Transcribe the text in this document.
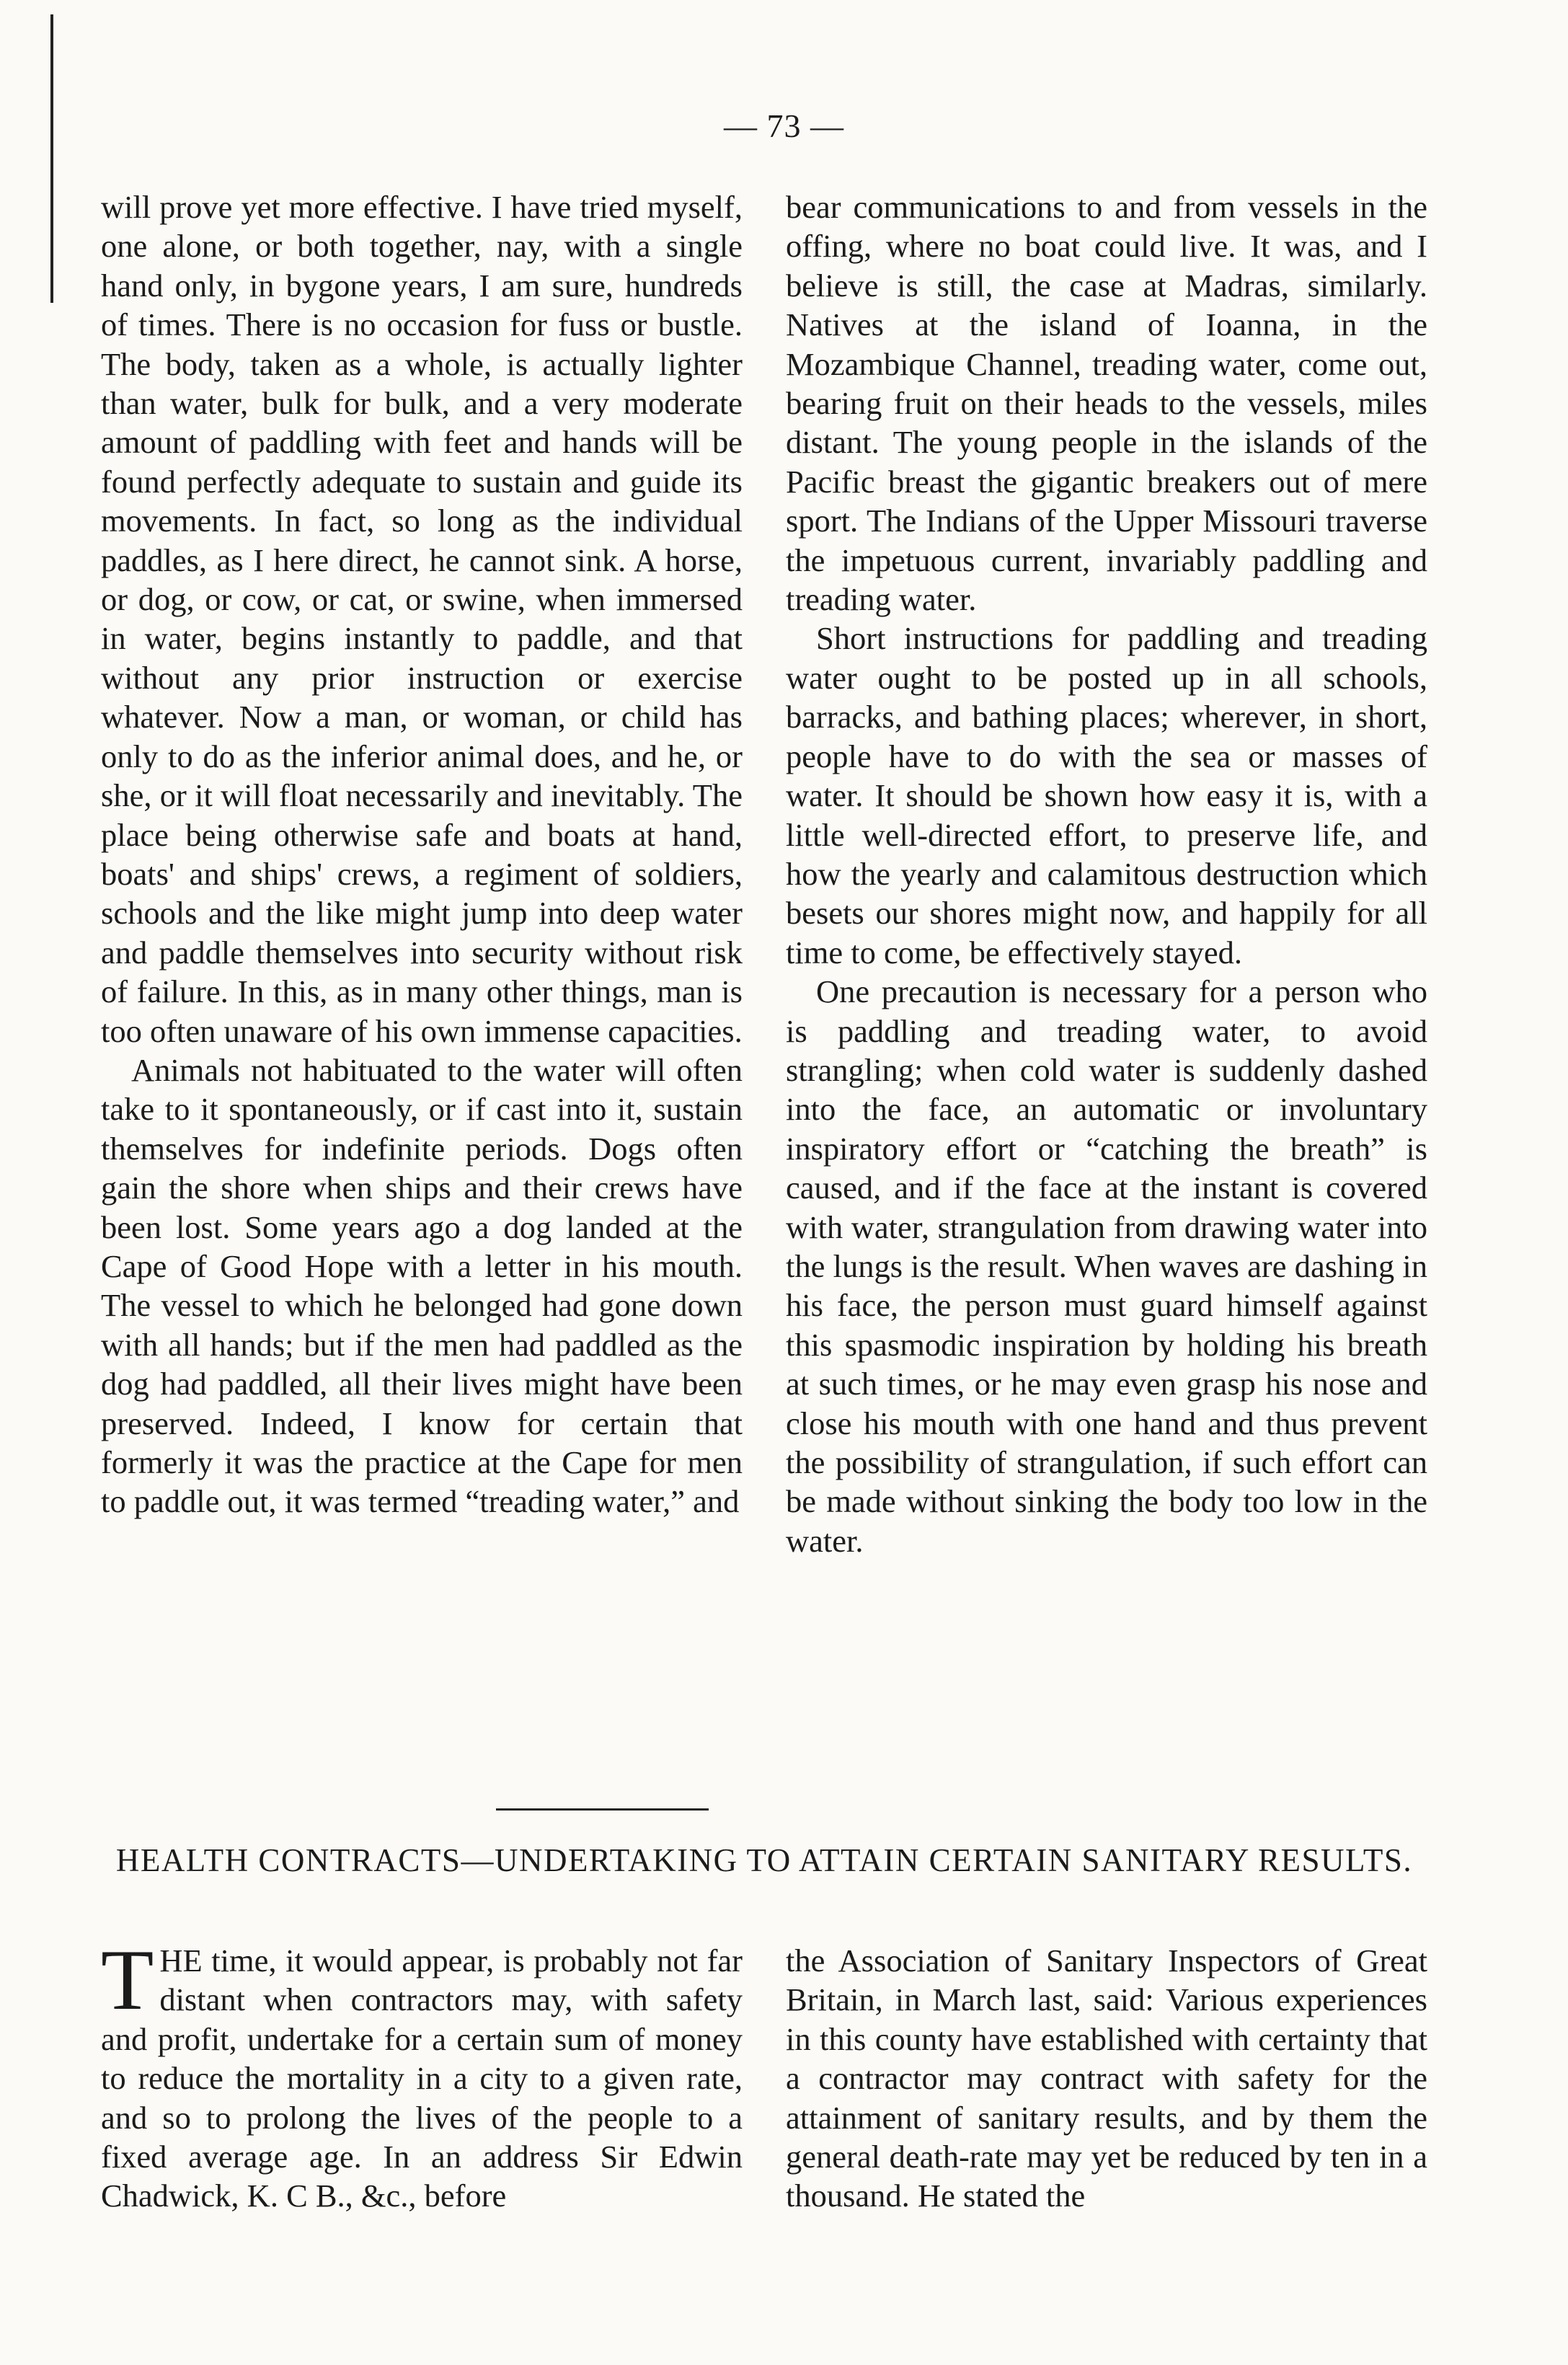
— 73 —

will prove yet more effective. I have tried myself, one alone, or both together, nay, with a single hand only, in bygone years, I am sure, hundreds of times. There is no occasion for fuss or bustle. The body, taken as a whole, is actually lighter than water, bulk for bulk, and a very moderate amount of paddling with feet and hands will be found perfectly adequate to sustain and guide its movements. In fact, so long as the individual paddles, as I here direct, he cannot sink. A horse, or dog, or cow, or cat, or swine, when immersed in water, begins instantly to paddle, and that without any prior instruction or exercise whatever. Now a man, or woman, or child has only to do as the inferior animal does, and he, or she, or it will float necessarily and inevitably. The place being otherwise safe and boats at hand, boats' and ships' crews, a regiment of soldiers, schools and the like might jump into deep water and paddle themselves into security without risk of failure. In this, as in many other things, man is too often unaware of his own immense capacities.

Animals not habituated to the water will often take to it spontaneously, or if cast into it, sustain themselves for indefinite periods. Dogs often gain the shore when ships and their crews have been lost. Some years ago a dog landed at the Cape of Good Hope with a letter in his mouth. The vessel to which he belonged had gone down with all hands; but if the men had paddled as the dog had paddled, all their lives might have been preserved. Indeed, I know for certain that formerly it was the practice at the Cape for men to paddle out, it was termed “treading water,” and

bear communications to and from vessels in the offing, where no boat could live. It was, and I believe is still, the case at Madras, similarly. Natives at the island of Ioanna, in the Mozambique Channel, treading water, come out, bearing fruit on their heads to the vessels, miles distant. The young people in the islands of the Pacific breast the gigantic breakers out of mere sport. The Indians of the Upper Missouri traverse the impetuous current, invariably paddling and treading water.

Short instructions for paddling and treading water ought to be posted up in all schools, barracks, and bathing places; wherever, in short, people have to do with the sea or masses of water. It should be shown how easy it is, with a little well-directed effort, to preserve life, and how the yearly and calamitous destruction which besets our shores might now, and happily for all time to come, be effectively stayed.

One precaution is necessary for a person who is paddling and treading water, to avoid strangling; when cold water is suddenly dashed into the face, an automatic or involuntary inspiratory effort or “catching the breath” is caused, and if the face at the instant is covered with water, strangulation from drawing water into the lungs is the result. When waves are dashing in his face, the person must guard himself against this spasmodic inspiration by holding his breath at such times, or he may even grasp his nose and close his mouth with one hand and thus prevent the possibility of strangulation, if such effort can be made without sinking the body too low in the water.

HEALTH CONTRACTS—UNDERTAKING TO ATTAIN CERTAIN SANITARY RESULTS.

THE time, it would appear, is probably not far distant when contractors may, with safety and profit, undertake for a certain sum of money to reduce the mortality in a city to a given rate, and so to prolong the lives of the people to a fixed average age. In an address Sir Edwin Chadwick, K. C B., &c., before

the Association of Sanitary Inspectors of Great Britain, in March last, said: Various experiences in this county have established with certainty that a contractor may contract with safety for the attainment of sanitary results, and by them the general death-rate may yet be reduced by ten in a thousand. He stated the
